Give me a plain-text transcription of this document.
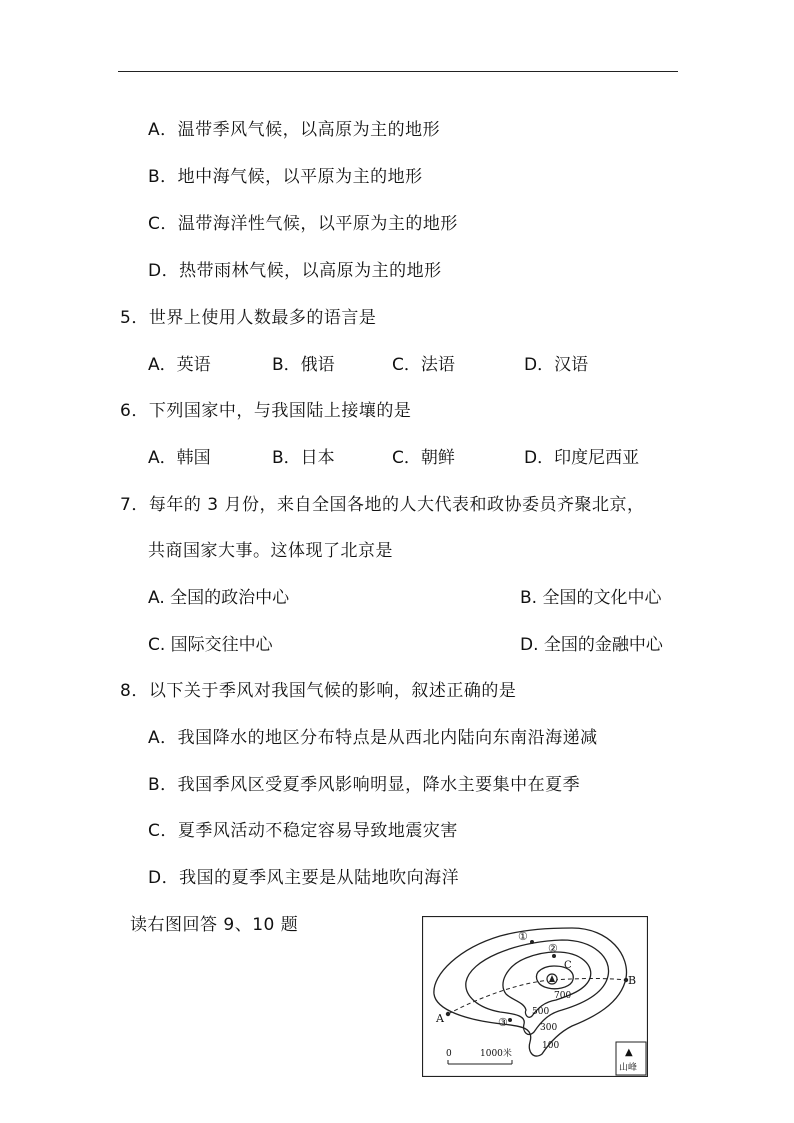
A．温带季风气候，以高原为主的地形
B．地中海气候，以平原为主的地形
C．温带海洋性气候，以平原为主的地形
D．热带雨林气候，以高原为主的地形
5．世界上使用人数最多的语言是
A．英语	B．俄语	C．法语	D．汉语
6．下列国家中，与我国陆上接壤的是
A．韩国	B．日本	C．朝鲜	D．印度尼西亚
7．每年的 3 月份，来自全国各地的人大代表和政协委员齐聚北京，
共商国家大事。这体现了北京是
A. 全国的政治中心	B. 全国的文化中心
C. 国际交往中心	D. 全国的金融中心
8．以下关于季风对我国气候的影响，叙述正确的是
A．我国降水的地区分布特点是从西北内陆向东南沿海递减
B．我国季风区受夏季风影响明显，降水主要集中在夏季
C．夏季风活动不稳定容易导致地震灾害
D．我国的夏季风主要是从陆地吹向海洋
读右图回答 9、10 题
A
B
C
①
②
③
700
500
300
100
0	1000米	▲
山峰
